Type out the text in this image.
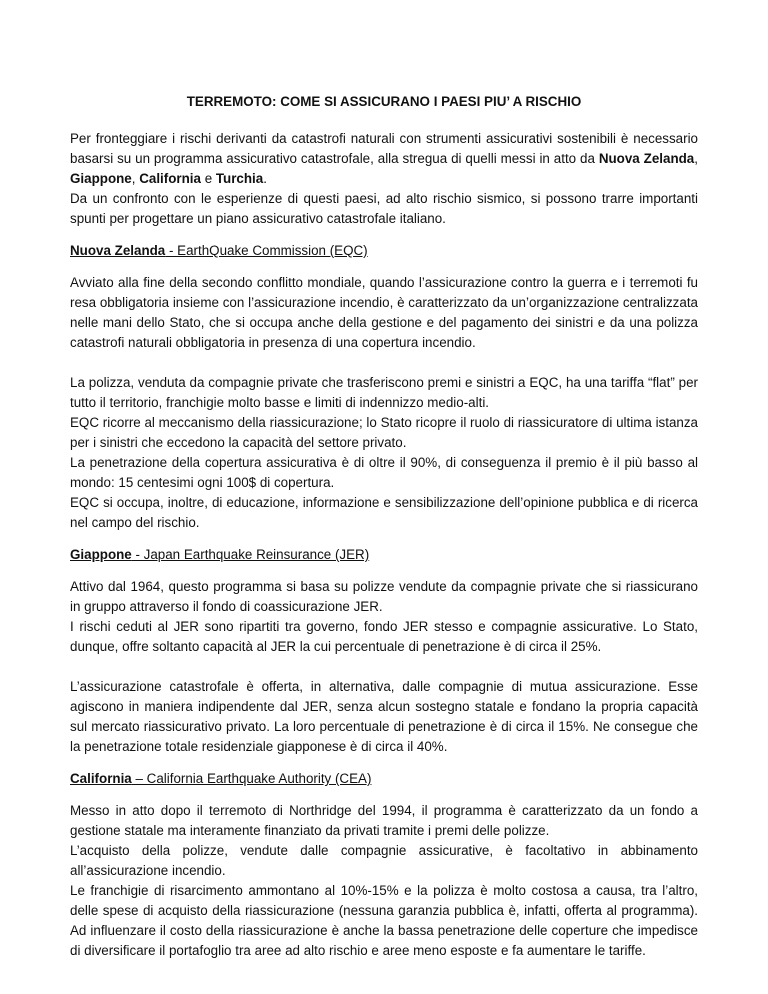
TERREMOTO: COME SI ASSICURANO I PAESI PIU’ A RISCHIO

Per fronteggiare i rischi derivanti da catastrofi naturali con strumenti assicurativi sostenibili è necessario basarsi su un programma assicurativo catastrofale, alla stregua di quelli messi in atto da Nuova Zelanda, Giappone, California e Turchia.

Da un confronto con le esperienze di questi paesi, ad alto rischio sismico, si possono trarre importanti spunti per progettare un piano assicurativo catastrofale italiano.

Nuova Zelanda - EarthQuake Commission (EQC)

Avviato alla fine della secondo conflitto mondiale, quando l’assicurazione contro la guerra e i terremoti fu resa obbligatoria insieme con l’assicurazione incendio, è caratterizzato da un’organizzazione centralizzata nelle mani dello Stato, che si occupa anche della gestione e del pagamento dei sinistri e da una polizza catastrofi naturali obbligatoria in presenza di una copertura incendio.

La polizza, venduta da compagnie private che trasferiscono premi e sinistri a EQC, ha una tariffa “flat” per tutto il territorio, franchigie molto basse e limiti di indennizzo medio-alti.

EQC ricorre al meccanismo della riassicurazione; lo Stato ricopre il ruolo di riassicuratore di ultima istanza per i sinistri che eccedono la capacità del settore privato.

La penetrazione della copertura assicurativa è di oltre il 90%, di conseguenza il premio è il più basso al mondo: 15 centesimi ogni 100$ di copertura.

EQC si occupa, inoltre, di educazione, informazione e sensibilizzazione dell’opinione pubblica e di ricerca nel campo del rischio.

Giappone - Japan Earthquake Reinsurance (JER)

Attivo dal 1964, questo programma si basa su polizze vendute da compagnie private che si riassicurano in gruppo attraverso il fondo di coassicurazione JER.

I rischi ceduti al JER sono ripartiti tra governo, fondo JER stesso e compagnie assicurative. Lo Stato, dunque, offre soltanto capacità al JER la cui percentuale di penetrazione è di circa il 25%.

L’assicurazione catastrofale è offerta, in alternativa, dalle compagnie di mutua assicurazione. Esse agiscono in maniera indipendente dal JER, senza alcun sostegno statale e fondano la propria capacità sul mercato riassicurativo privato. La loro percentuale di penetrazione è di circa il 15%. Ne consegue che la penetrazione totale residenziale giapponese è di circa il 40%.

California – California Earthquake Authority (CEA)

Messo in atto dopo il terremoto di Northridge del 1994, il programma è caratterizzato da un fondo a gestione statale ma interamente finanziato da privati tramite i premi delle polizze.

L’acquisto della polizze, vendute dalle compagnie assicurative, è facoltativo in abbinamento all’assicurazione incendio.

Le franchigie di risarcimento ammontano al 10%-15% e la polizza è molto costosa a causa, tra l’altro, delle spese di acquisto della riassicurazione (nessuna garanzia pubblica è, infatti, offerta al programma). Ad influenzare il costo della riassicurazione è anche la bassa penetrazione delle coperture che impedisce di diversificare il portafoglio tra aree ad alto rischio e aree meno esposte e fa aumentare le tariffe.
